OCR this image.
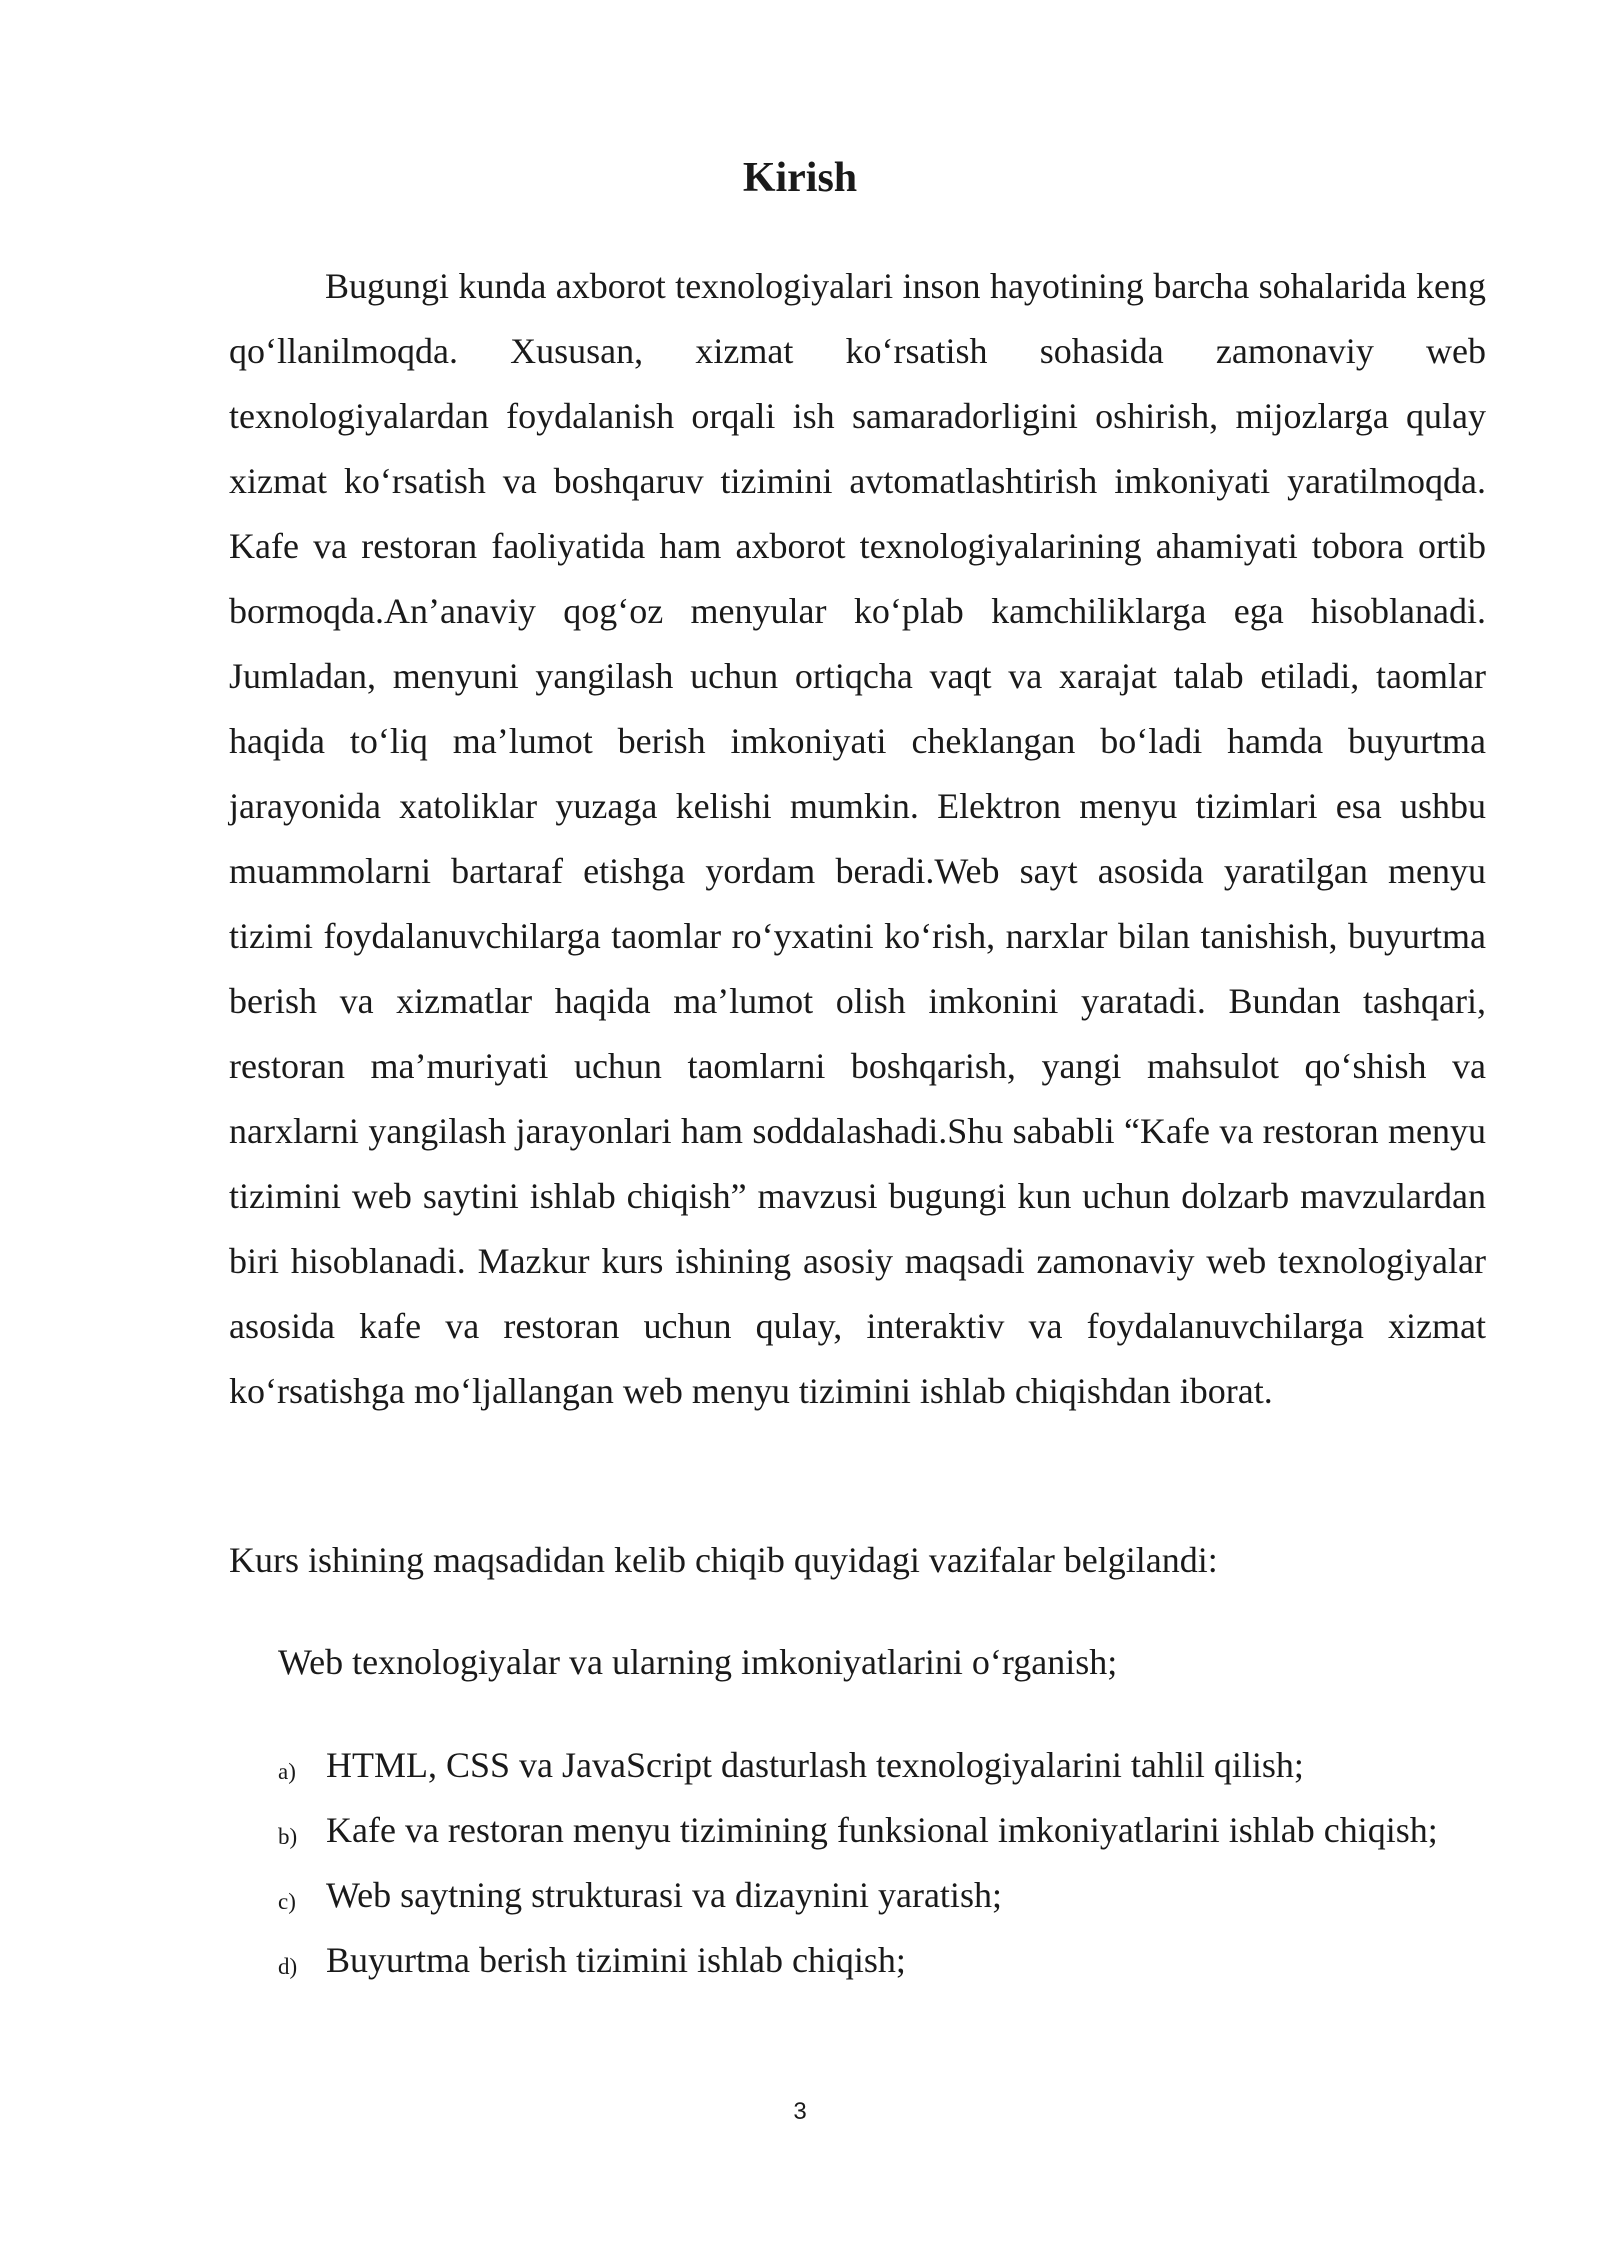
Kirish

Bugungi kunda axborot texnologiyalari inson hayotining barcha sohalarida keng qo‘llanilmoqda. Xususan, xizmat ko‘rsatish sohasida zamonaviy web texnologiyalardan foydalanish orqali ish samaradorligini oshirish, mijozlarga qulay xizmat ko‘rsatish va boshqaruv tizimini avtomatlashtirish imkoniyati yaratilmoqda. Kafe va restoran faoliyatida ham axborot texnologiyalarining ahamiyati tobora ortib bormoqda.An’anaviy qog‘oz menyular ko‘plab kamchiliklarga ega hisoblanadi. Jumladan, menyuni yangilash uchun ortiqcha vaqt va xarajat talab etiladi, taomlar haqida to‘liq ma’lumot berish imkoniyati cheklangan bo‘ladi hamda buyurtma jarayonida xatoliklar yuzaga kelishi mumkin. Elektron menyu tizimlari esa ushbu muammolarni bartaraf etishga yordam beradi.Web sayt asosida yaratilgan menyu tizimi foydalanuvchilarga taomlar ro‘yxatini ko‘rish, narxlar bilan tanishish, buyurtma berish va xizmatlar haqida ma’lumot olish imkonini yaratadi. Bundan tashqari, restoran ma’muriyati uchun taomlarni boshqarish, yangi mahsulot qo‘shish va narxlarni yangilash jarayonlari ham soddalashadi.Shu sababli “Kafe va restoran menyu tizimini web saytini ishlab chiqish” mavzusi bugungi kun uchun dolzarb mavzulardan biri hisoblanadi. Mazkur kurs ishining asosiy maqsadi zamonaviy web texnologiyalar asosida kafe va restoran uchun qulay, interaktiv va foydalanuvchilarga xizmat ko‘rsatishga mo‘ljallangan web menyu tizimini ishlab chiqishdan iborat.

Kurs ishining maqsadidan kelib chiqib quyidagi vazifalar belgilandi:

Web texnologiyalar va ularning imkoniyatlarini o‘rganish;

a) HTML, CSS va JavaScript dasturlash texnologiyalarini tahlil qilish;
b) Kafe va restoran menyu tizimining funksional imkoniyatlarini ishlab chiqish;
c) Web saytning strukturasi va dizaynini yaratish;
d) Buyurtma berish tizimini ishlab chiqish;
3
